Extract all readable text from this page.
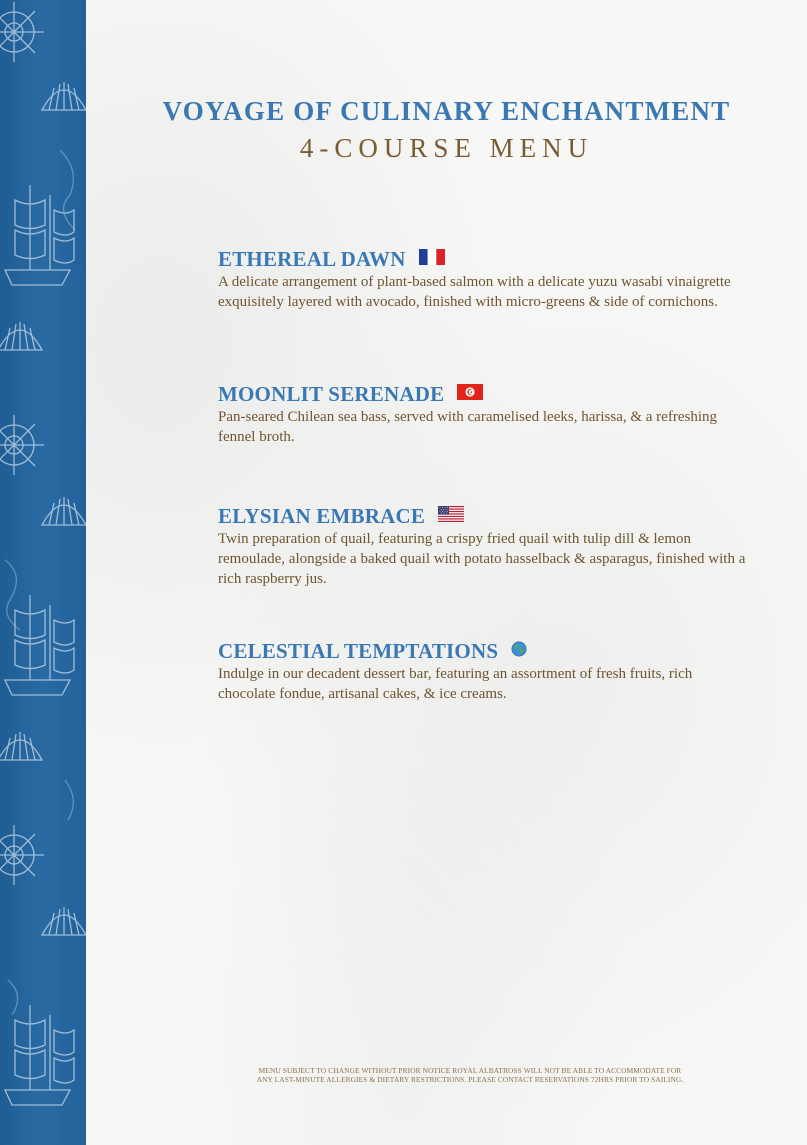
VOYAGE OF CULINARY ENCHANTMENT
4-COURSE MENU
ETHEREAL DAWN
A delicate arrangement of plant-based salmon with a delicate yuzu wasabi vinaigrette exquisitely layered with avocado, finished with micro-greens & side of cornichons.
MOONLIT SERENADE
Pan-seared Chilean sea bass, served with caramelised leeks, harissa, & a refreshing fennel broth.
ELYSIAN EMBRACE
Twin preparation of quail, featuring a crispy fried quail with tulip dill & lemon remoulade, alongside a baked quail with potato hasselback & asparagus, finished with a rich raspberry jus.
CELESTIAL TEMPTATIONS
Indulge in our decadent dessert bar, featuring an assortment of fresh fruits, rich chocolate fondue, artisanal cakes, & ice creams.
MENU SUBJECT TO CHANGE WITHOUT PRIOR NOTICE ROYAL ALBATROSS WILL NOT BE ABLE TO ACCOMMODATE FOR
ANY LAST-MINUTE ALLERGIES & DIETARY RESTRICTIONS. PLEASE CONTACT RESERVATIONS 72HRS PRIOR TO SAILING.
